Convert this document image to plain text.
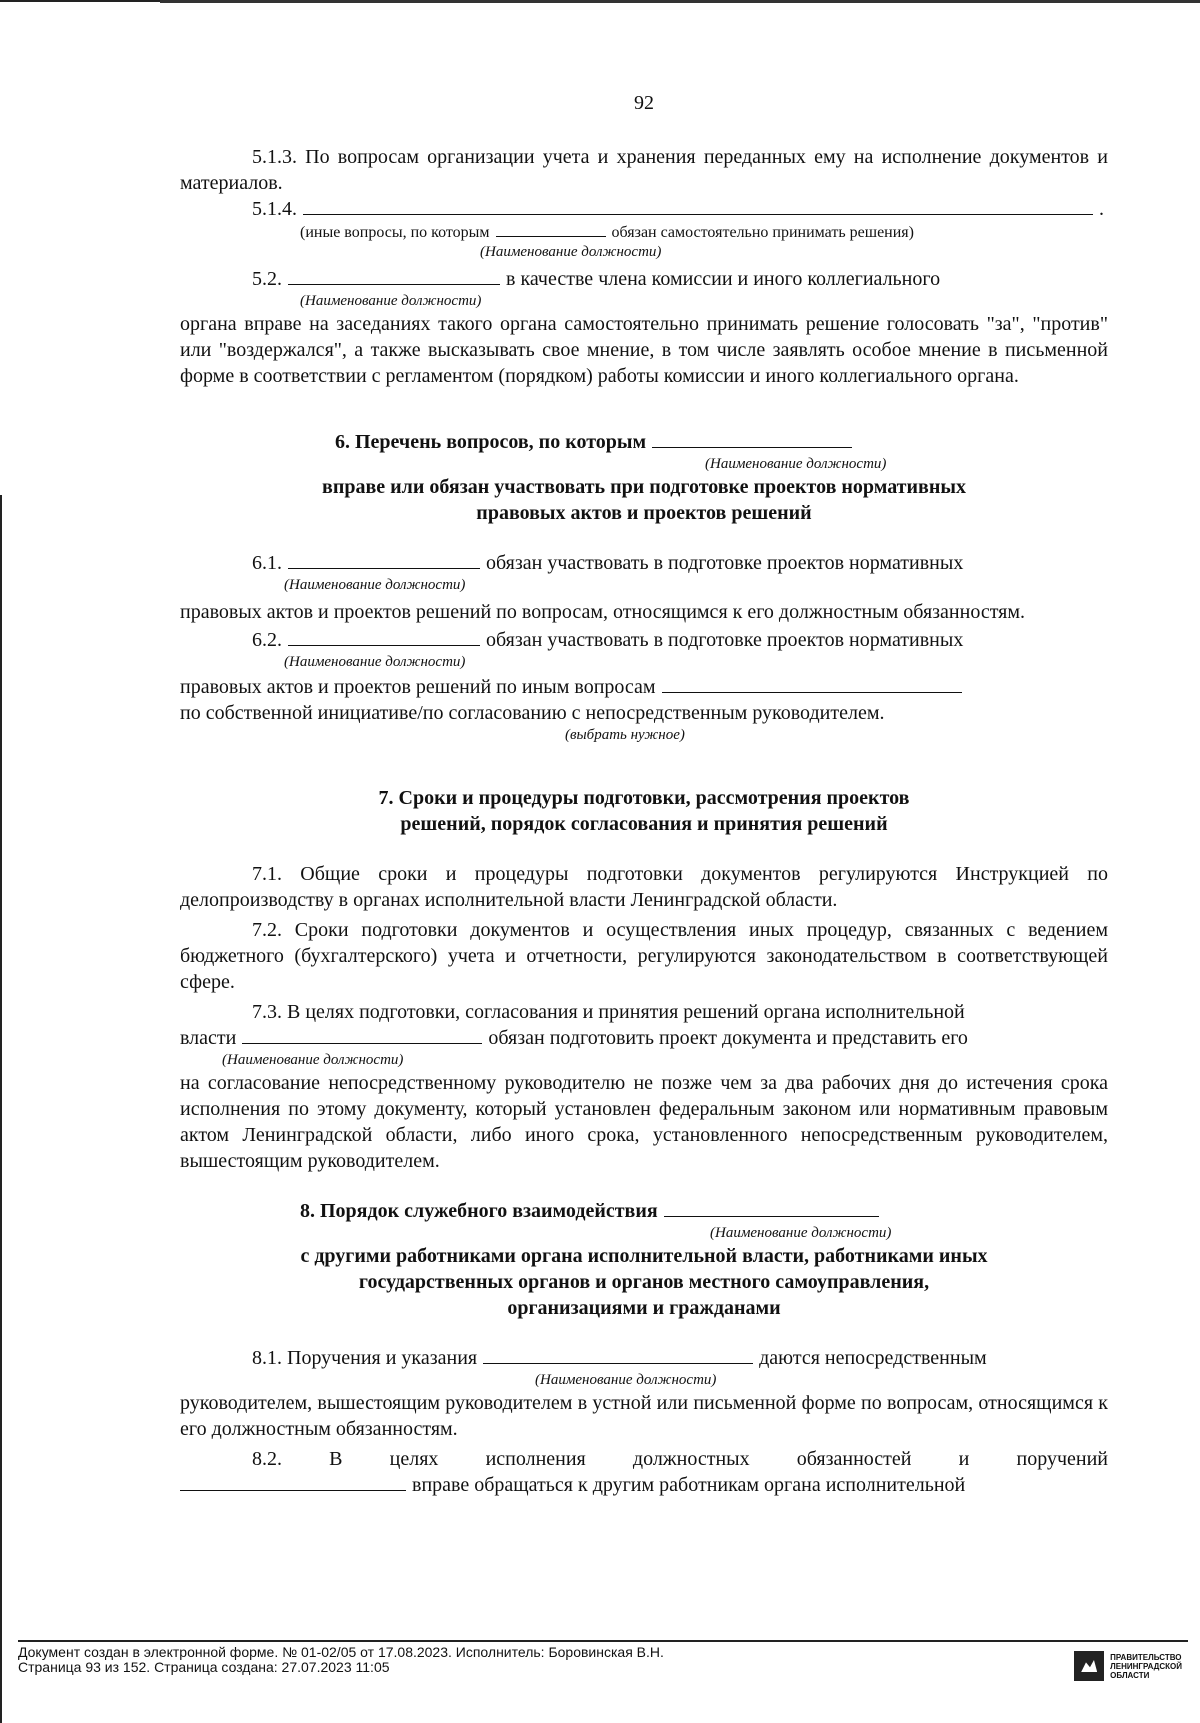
92

5.1.3. По вопросам организации учета и хранения переданных ему на исполнение документов и материалов.

5.1.4.	.
(иные вопросы, по которым	обязан самостоятельно принимать решения)
(Наименование должности)
5.2.	в качестве члена комиссии и иного коллегиального
(Наименование должности)

органа вправе на заседаниях такого органа самостоятельно принимать решение голосовать "за", "против" или "воздержался", а также высказывать свое мнение, в том числе заявлять особое мнение в письменной форме в соответствии с регламентом (порядком) работы комиссии и иного коллегиального органа.

6. Перечень вопросов, по которым
(Наименование должности)
вправе или обязан участвовать при подготовке проектов нормативных
правовых актов и проектов решений
6.1.	обязан участвовать в подготовке проектов нормативных
(Наименование должности)

правовых актов и проектов решений по вопросам, относящимся к его должностным обязанностям.

6.2.	обязан участвовать в подготовке проектов нормативных
(Наименование должности)
правовых актов и проектов решений по иным вопросам

по собственной инициативе/по согласованию с непосредственным руководителем.

(выбрать нужное)
7. Сроки и процедуры подготовки, рассмотрения проектов
решений, порядок согласования и принятия решений

7.1. Общие сроки и процедуры подготовки документов регулируются Инструкцией по делопроизводству в органах исполнительной власти Ленинградской области.

7.2. Сроки подготовки документов и осуществления иных процедур, связанных с ведением бюджетного (бухгалтерского) учета и отчетности, регулируются законодательством в соответствующей сфере.

7.3. В целях подготовки, согласования и принятия решений органа исполнительной

власти	обязан подготовить проект документа и представить его
(Наименование должности)

на согласование непосредственному руководителю не позже чем за два рабочих дня до истечения срока исполнения по этому документу, который установлен федеральным законом или нормативным правовым актом Ленинградской области, либо иного срока, установленного непосредственным руководителем, вышестоящим руководителем.

8. Порядок служебного взаимодействия
(Наименование должности)
с другими работниками органа исполнительной власти, работниками иных
государственных органов и органов местного самоуправления,
организациями и гражданами
8.1. Поручения и указания	даются непосредственным
(Наименование должности)

руководителем, вышестоящим руководителем в устной или письменной форме по вопросам, относящимся к его должностным обязанностям.

8.2. В целях исполнения должностных обязанностей и поручений

вправе обращаться к другим работникам органа исполнительной
Документ создан в электронной форме. № 01-02/05 от 17.08.2023. Исполнитель: Боровинская В.Н.
Страница 93 из 152. Страница создана: 27.07.2023 11:05
ПРАВИТЕЛЬСТВО
ЛЕНИНГРАДСКОЙ
ОБЛАСТИ
